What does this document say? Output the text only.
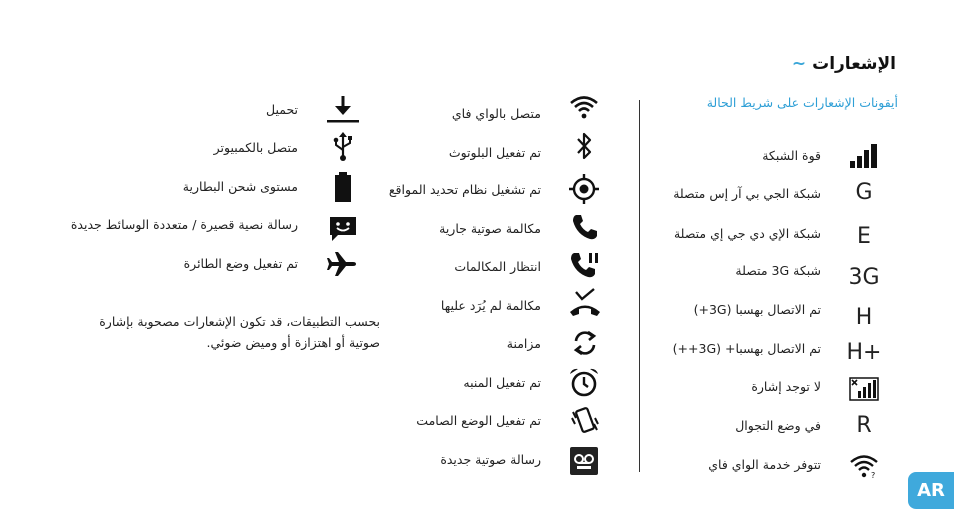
الإشعارات~
أيقونات الإشعارات على شريط الحالة
قوة الشبكة
شبكة الجي بي آر إس متصلة
شبكة الإي دي جي إي متصلة
شبكة 3G متصلة
تم الاتصال بهسبا (3G+)
تم الاتصال بهسبا+ (3G++)
لا توجد إشارة
في وضع التجوال
تتوفر خدمة الواي فاي
G
E
3G
H
H+
R
?
متصل بالواي فاي
تم تفعيل البلوتوث
تم تشغيل نظام تحديد المواقع
مكالمة صوتية جارية
انتظار المكالمات
مكالمة لم يُرَد عليها
مزامنة
تم تفعيل المنبه
تم تفعيل الوضع الصامت
رسالة صوتية جديدة
تحميل
متصل بالكمبيوتر
مستوى شحن البطارية
رسالة نصية قصيرة / متعددة الوسائط جديدة
تم تفعيل وضع الطائرة
بحسب التطبيقات، قد تكون الإشعارات مصحوبة بإشارة صوتية أو اهتزازة أو وميض ضوئي.
AR
